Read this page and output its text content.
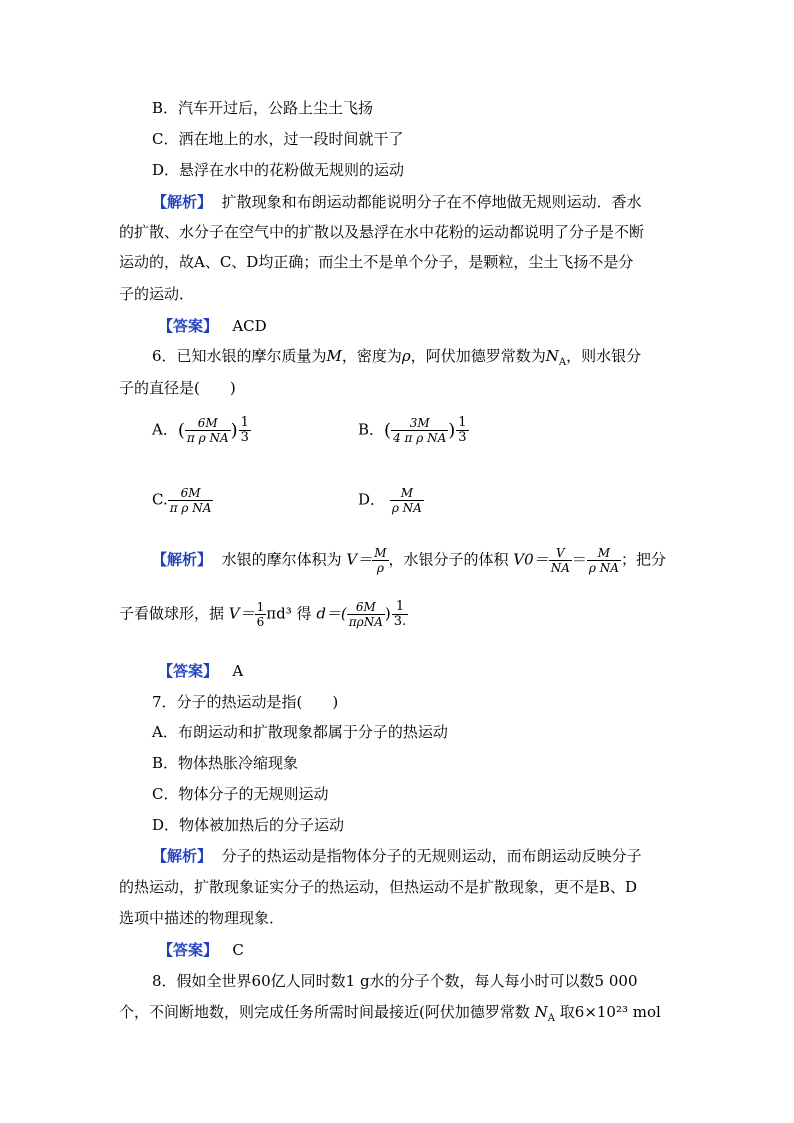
B．汽车开过后，公路上尘土飞扬
C．洒在地上的水，过一段时间就干了
D．悬浮在水中的花粉做无规则的运动
【解析】 扩散现象和布朗运动都能说明分子在不停地做无规则运动．香水
的扩散、水分子在空气中的扩散以及悬浮在水中花粉的运动都说明了分子是不断
运动的，故A、C、D均正确；而尘土不是单个分子，是颗粒，尘土飞扬不是分
子的运动．
【答案】 ACD
6．已知水银的摩尔质量为M，密度为ρ，阿伏加德罗常数为$N_A$，则水银分
子的直径是(　　)
A．( $\frac{6M}{\text{π ρ NA}}$ ) $\frac{1}{3}$	B．( $\frac{3M}{\text{4 π ρ NA}}$ ) $\frac{1}{3}$
C. $\frac{6M}{\text{π ρ NA}}$	D． $\frac{M}{\text{ρ NA}}$
【解析】 水银的摩尔体积为 $V= \frac{M}{\rho}$ ，水银分子的体积 $V0= \frac{V}{NA} = \frac{M}{\text{ρ NA}}$ ；把分
子看做球形，据 $V= \frac{1}{6} \pi d^3$ 得 $d=( \frac{6M}{\text{πρNA}}$ ) $\frac{1}{3.}$
【答案】 A
7．分子的热运动是指(　　)
A．布朗运动和扩散现象都属于分子的热运动
B．物体热胀冷缩现象
C．物体分子的无规则运动
D．物体被加热后的分子运动
【解析】 分子的热运动是指物体分子的无规则运动，而布朗运动反映分子
的热运动，扩散现象证实分子的热运动，但热运动不是扩散现象，更不是B、D
选项中描述的物理现象．
【答案】 C
8．假如全世界60亿人同时数1 g水的分子个数，每人每小时可以数5 000
个，不间断地数，则完成任务所需时间最接近(阿伏加德罗常数 $N_A$ 取6×10²³ mol
